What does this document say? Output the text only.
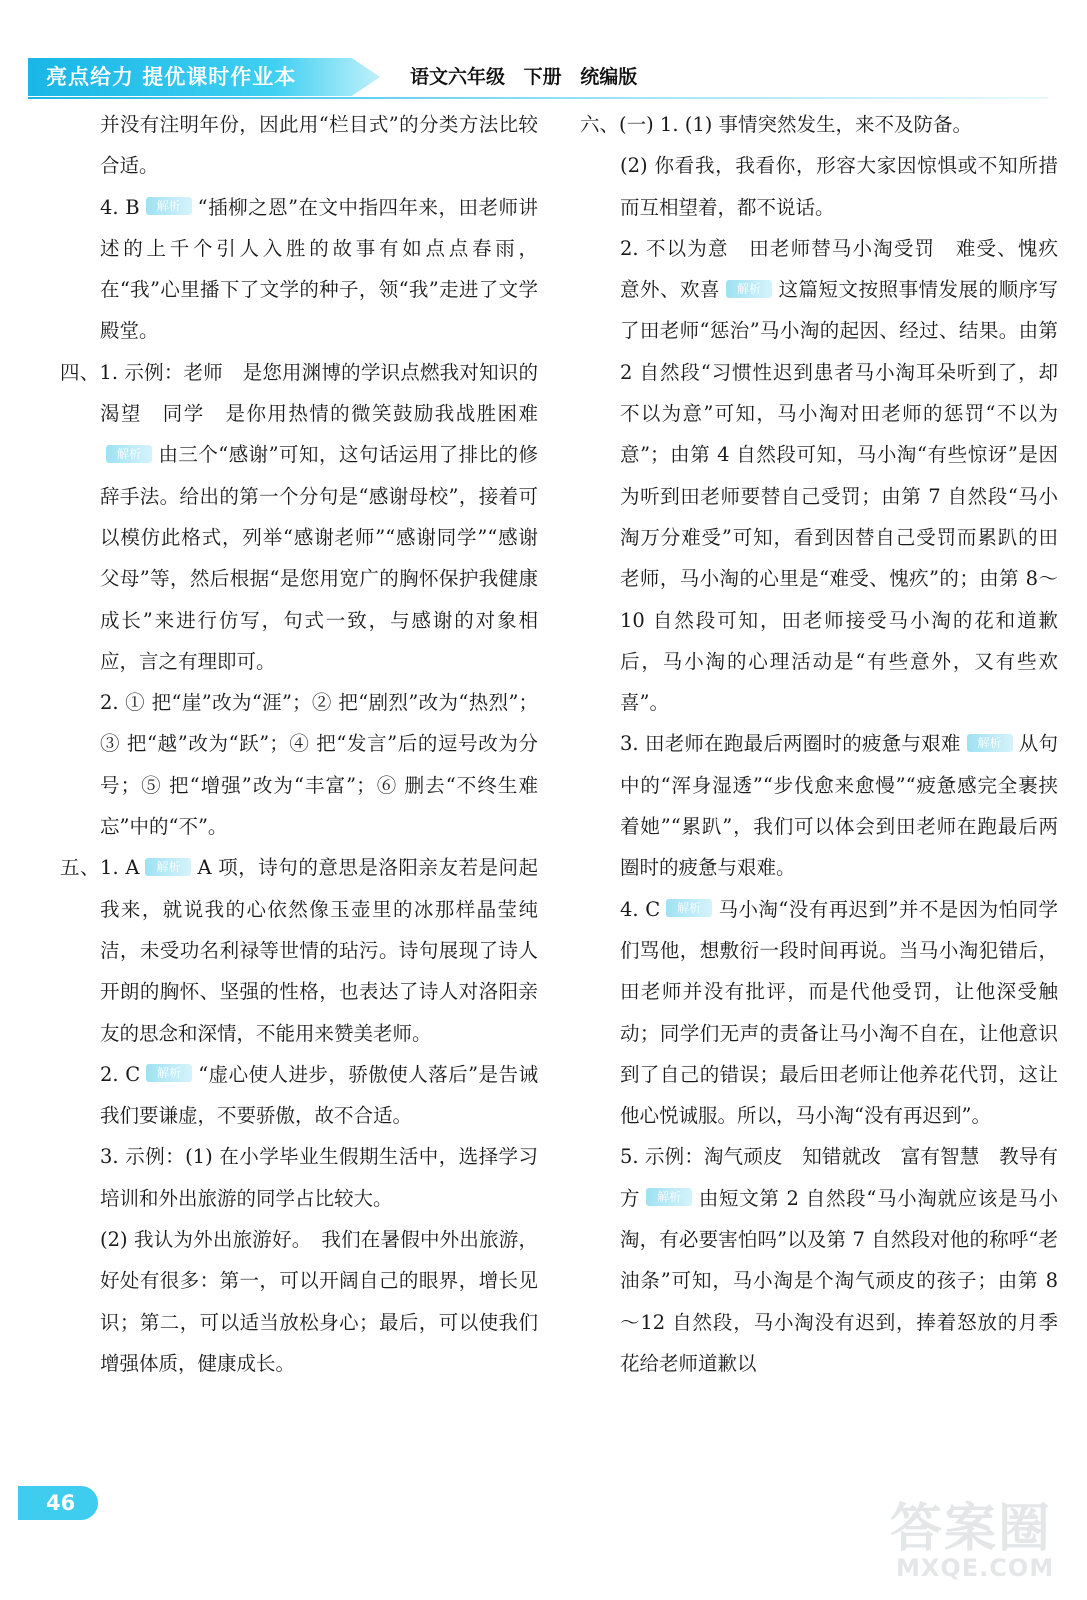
亮点给力 提优课时作业本	语文六年级 下册 统编版

并没有注明年份，因此用“栏目式”的分类方法比较合适。

4. B 解析 “插柳之恩”在文中指四年来，田老师讲述的上千个引人入胜的故事有如点点春雨，在“我”心里播下了文学的种子，领“我”走进了文学殿堂。

四、1. 示例：老师　是您用渊博的学识点燃我对知识的渴望　同学　是你用热情的微笑鼓励我战胜困难解析 由三个“感谢”可知，这句话运用了排比的修辞手法。给出的第一个分句是“感谢母校”，接着可以模仿此格式，列举“感谢老师”“感谢同学”“感谢父母”等，然后根据“是您用宽广的胸怀保护我健康成长”来进行仿写，句式一致，与感谢的对象相应，言之有理即可。

2. ① 把“崖”改为“涯”；② 把“剧烈”改为“热烈”；③ 把“越”改为“跃”；④ 把“发言”后的逗号改为分号；⑤ 把“增强”改为“丰富”；⑥ 删去“不终生难忘”中的“不”。

五、1. A 解析 A 项，诗句的意思是洛阳亲友若是问起我来，就说我的心依然像玉壶里的冰那样晶莹纯洁，未受功名利禄等世情的玷污。诗句展现了诗人开朗的胸怀、坚强的性格，也表达了诗人对洛阳亲友的思念和深情，不能用来赞美老师。

2. C 解析 “虚心使人进步，骄傲使人落后”是告诫我们要谦虚，不要骄傲，故不合适。

3. 示例：(1) 在小学毕业生假期生活中，选择学习培训和外出旅游的同学占比较大。

(2) 我认为外出旅游好。　我们在暑假中外出旅游，好处有很多：第一，可以开阔自己的眼界，增长见识；第二，可以适当放松身心；最后，可以使我们增强体质，健康成长。

六、(一) 1. (1) 事情突然发生，来不及防备。

(2) 你看我，我看你，形容大家因惊惧或不知所措而互相望着，都不说话。

2. 不以为意　田老师替马小淘受罚　难受、愧疚　意外、欢喜 解析 这篇短文按照事情发展的顺序写了田老师“惩治”马小淘的起因、经过、结果。由第 2 自然段“习惯性迟到患者马小淘耳朵听到了，却不以为意”可知，马小淘对田老师的惩罚“不以为意”；由第 4 自然段可知，马小淘“有些惊讶”是因为听到田老师要替自己受罚；由第 7 自然段“马小淘万分难受”可知，看到因替自己受罚而累趴的田老师，马小淘的心里是“难受、愧疚”的；由第 8～10 自然段可知，田老师接受马小淘的花和道歉后，马小淘的心理活动是“有些意外，又有些欢喜”。

3. 田老师在跑最后两圈时的疲惫与艰难 解析 从句中的“浑身湿透”“步伐愈来愈慢”“疲惫感完全裹挟着她”“累趴”，我们可以体会到田老师在跑最后两圈时的疲惫与艰难。

4. C 解析 马小淘“没有再迟到”并不是因为怕同学们骂他，想敷衍一段时间再说。当马小淘犯错后，田老师并没有批评，而是代他受罚，让他深受触动；同学们无声的责备让马小淘不自在，让他意识到了自己的错误；最后田老师让他养花代罚，这让他心悦诚服。所以，马小淘“没有再迟到”。

5. 示例：淘气顽皮　知错就改　富有智慧　教导有方 解析 由短文第 2 自然段“马小淘就应该是马小淘，有必要害怕吗”以及第 7 自然段对他的称呼“老油条”可知，马小淘是个淘气顽皮的孩子；由第 8～12 自然段，马小淘没有迟到，捧着怒放的月季花给老师道歉以

46	答案圈
MXQE.COM
